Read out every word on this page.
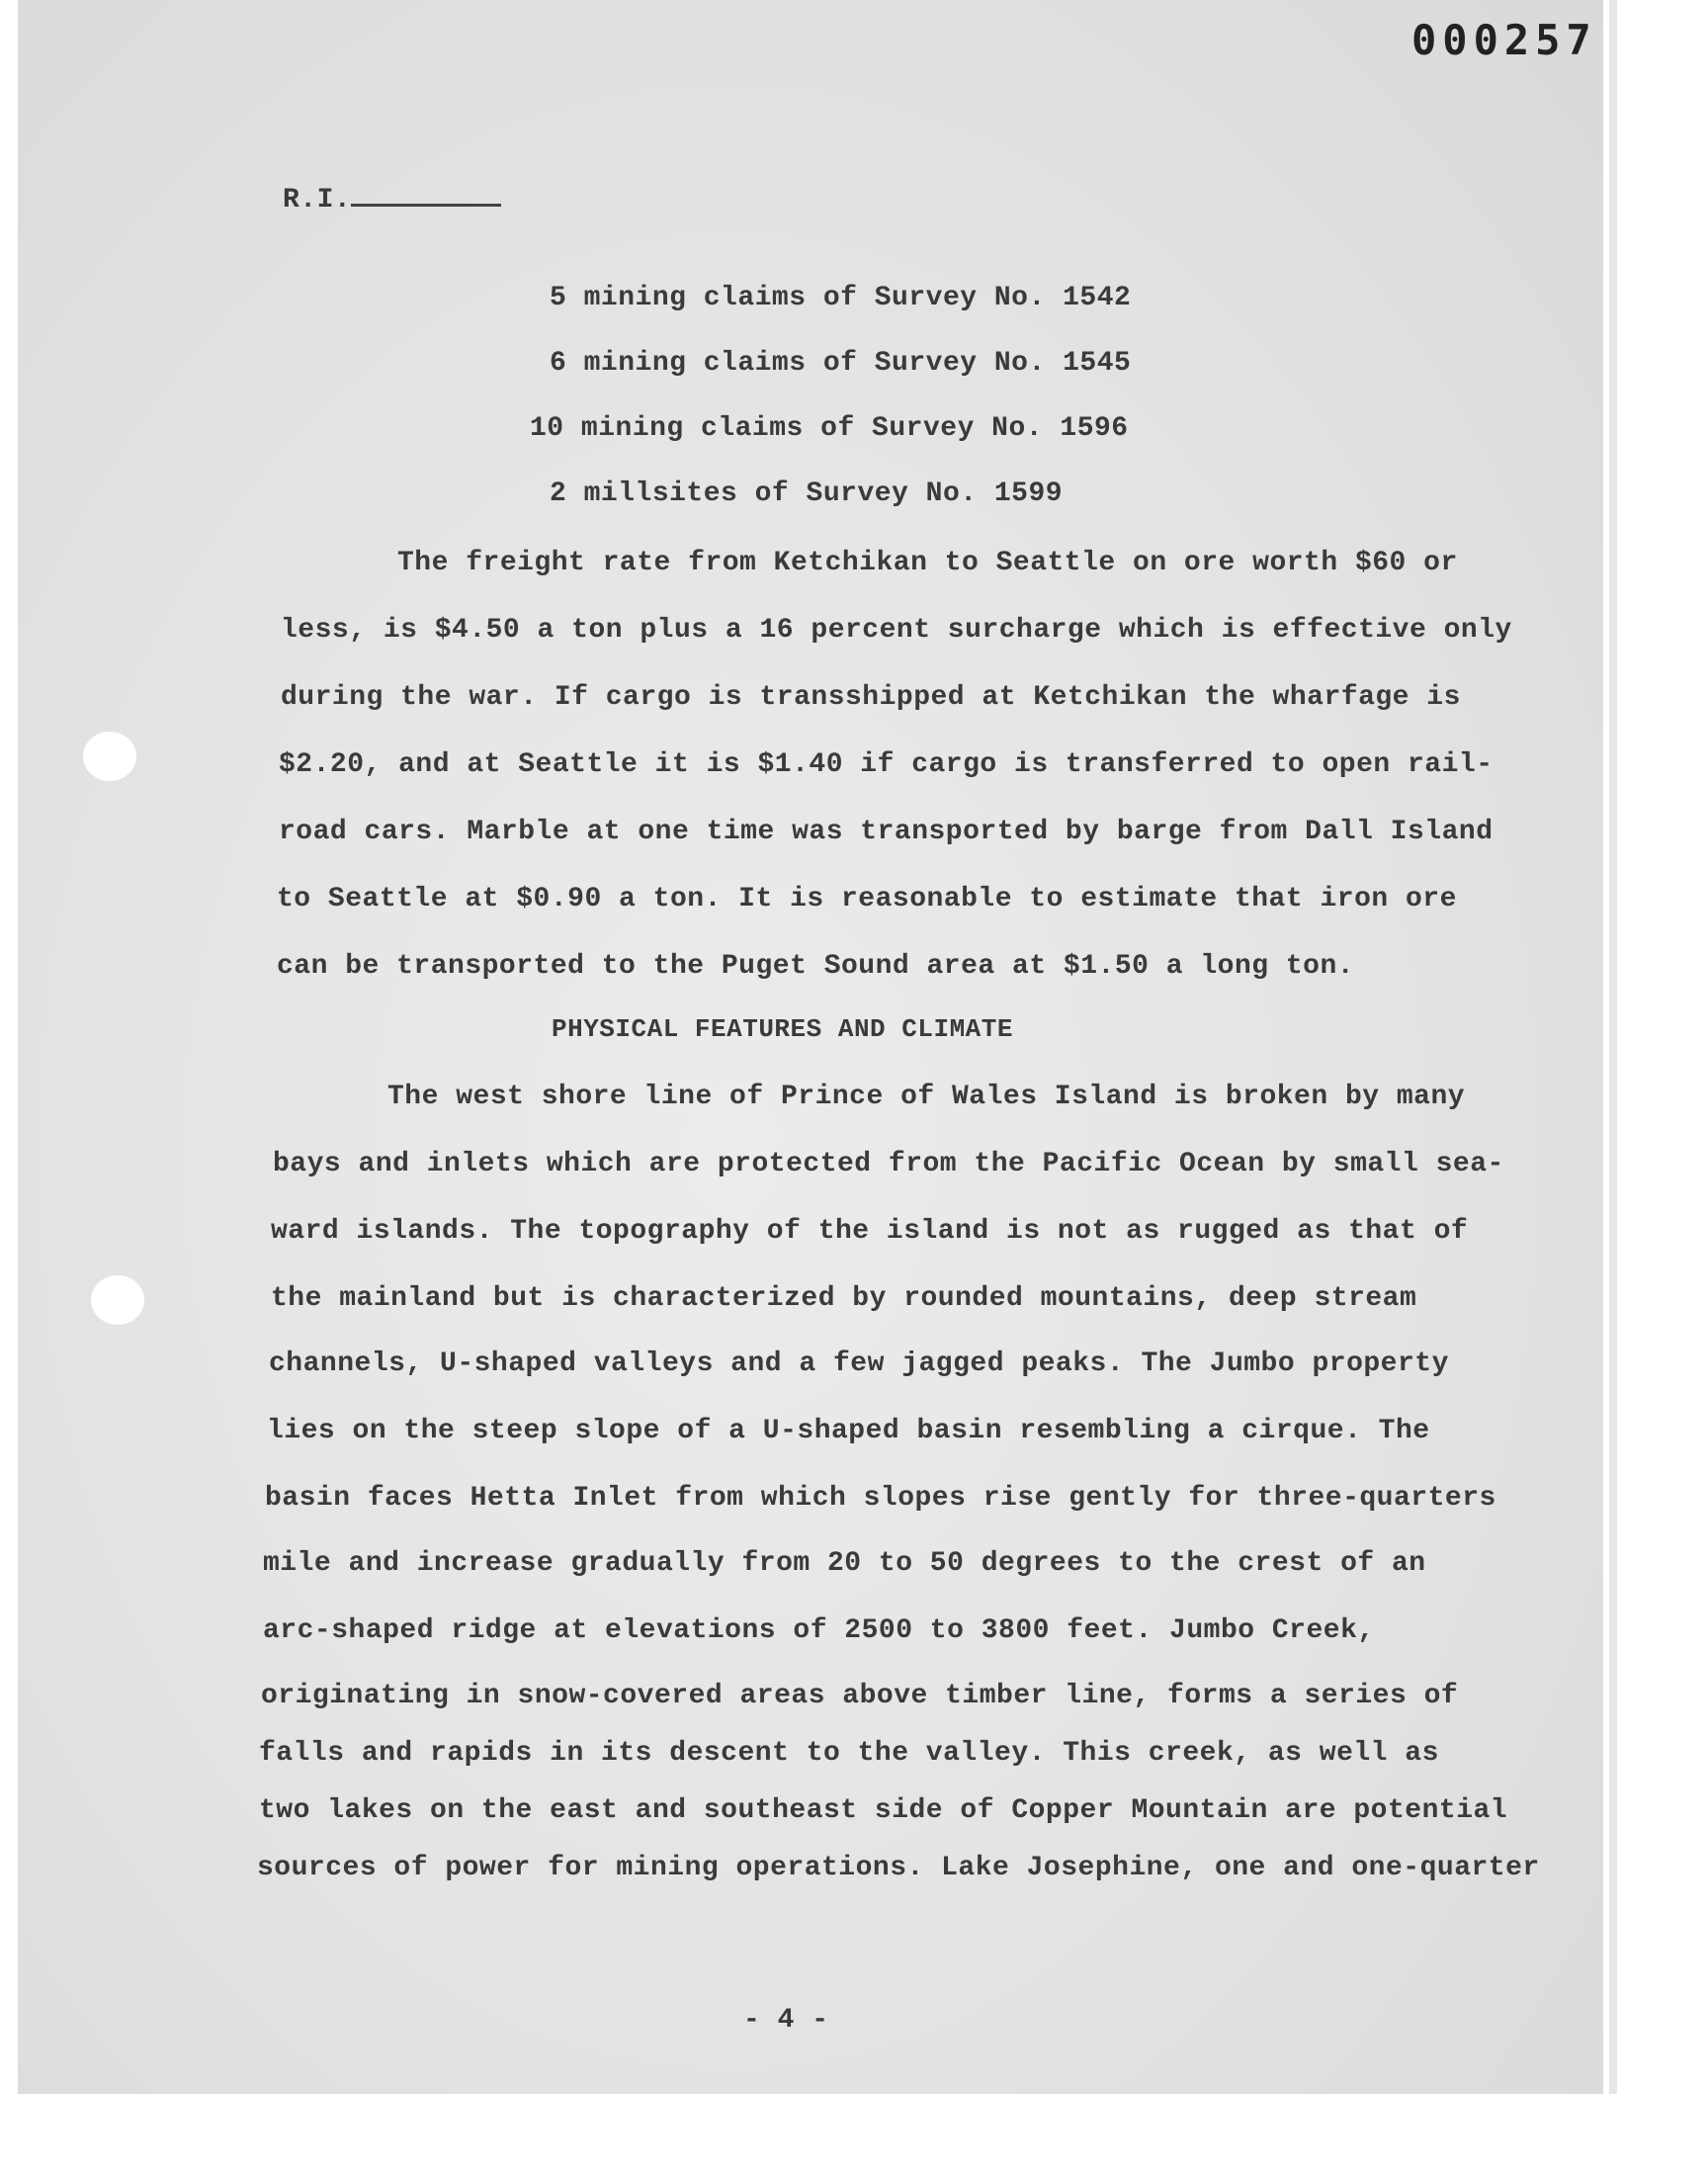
000257
R.I.
5 mining claims of Survey No. 1542
6 mining claims of Survey No. 1545
10 mining claims of Survey No. 1596
2 millsites of Survey No. 1599
The freight rate from Ketchikan to Seattle on ore worth $60 or
less, is $4.50 a ton plus a 16 percent surcharge which is effective only
during the war. If cargo is transshipped at Ketchikan the wharfage is
$2.20, and at Seattle it is $1.40 if cargo is transferred to open rail-
road cars. Marble at one time was transported by barge from Dall Island
to Seattle at $0.90 a ton. It is reasonable to estimate that iron ore
can be transported to the Puget Sound area at $1.50 a long ton.
PHYSICAL FEATURES AND CLIMATE
The west shore line of Prince of Wales Island is broken by many
bays and inlets which are protected from the Pacific Ocean by small sea-
ward islands. The topography of the island is not as rugged as that of
the mainland but is characterized by rounded mountains, deep stream
channels, U-shaped valleys and a few jagged peaks. The Jumbo property
lies on the steep slope of a U-shaped basin resembling a cirque. The
basin faces Hetta Inlet from which slopes rise gently for three-quarters
mile and increase gradually from 20 to 50 degrees to the crest of an
arc-shaped ridge at elevations of 2500 to 3800 feet. Jumbo Creek,
originating in snow-covered areas above timber line, forms a series of
falls and rapids in its descent to the valley. This creek, as well as
two lakes on the east and southeast side of Copper Mountain are potential
sources of power for mining operations. Lake Josephine, one and one-quarter
- 4 -
